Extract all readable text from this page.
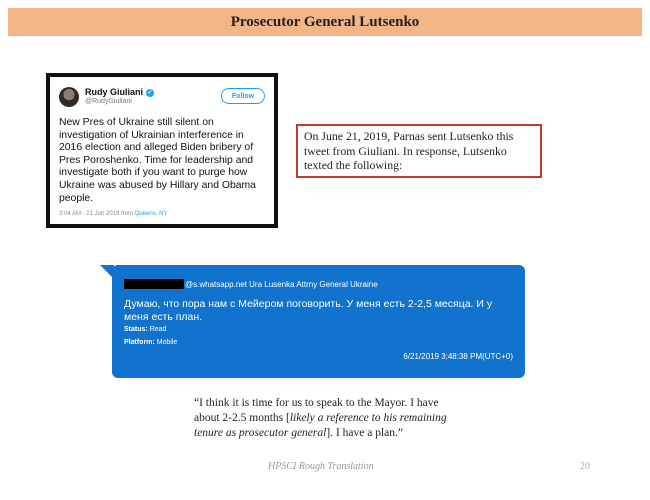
Prosecutor General Lutsenko
Rudy Giuliani ✓
@RudyGiuliani
Follow
New Pres of Ukraine still silent on investigation of Ukrainian interference in 2016 election and alleged Biden bribery of Pres Poroshenko. Time for leadership and investigate both if you want to purge how Ukraine was abused by Hillary and Obama people.
3:04 AM - 21 Jun 2019 from Queens, NY
On June 21, 2019, Parnas sent Lutsenko this tweet from Giuliani. In response, Lutsenko texted the following:
@s.whatsapp.net Ura Lusenka Attrny General Ukraine
Думаю, что пора нам с Мейером поговорить. У меня есть 2-2,5 месяца. И у меня есть план.
Status: Read
Platform: Mobile
6/21/2019 3:48:38 PM(UTC+0)
“I think it is time for us to speak to the Mayor. I have about 2-2.5 months [likely a reference to his remaining tenure as prosecutor general]. I have a plan.”
HPSCI Rough Translation	20
